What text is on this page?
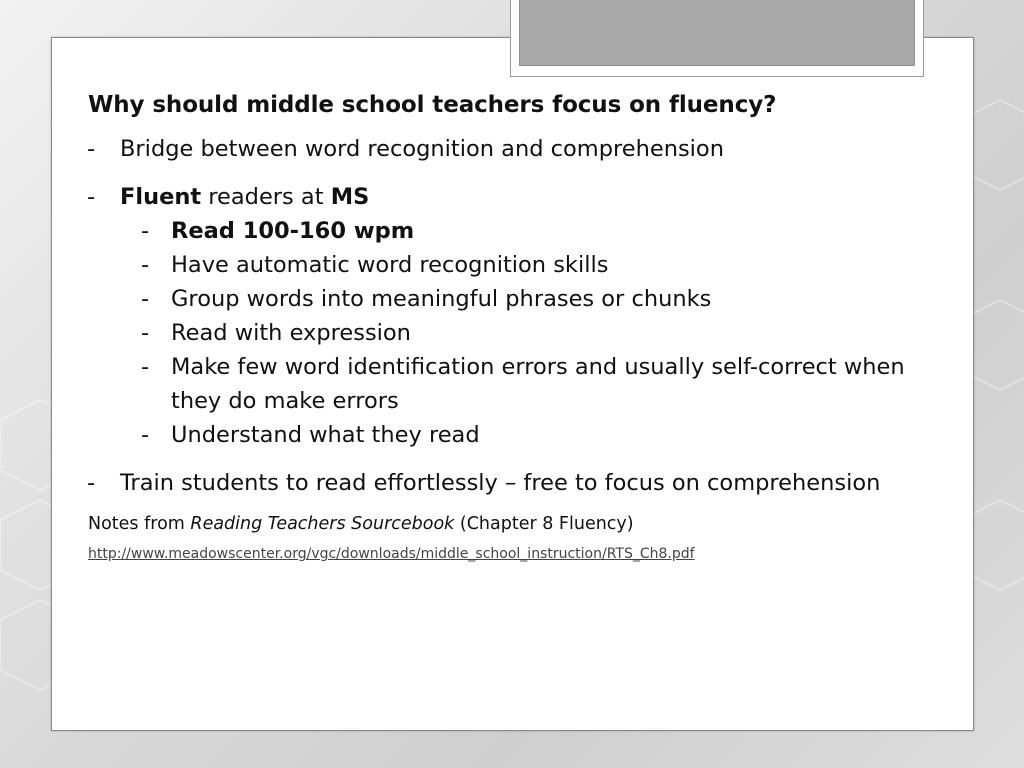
Why should middle school teachers focus on fluency?
- Bridge between word recognition and comprehension
- Fluent readers at MS
- Read 100-160 wpm
- Have automatic word recognition skills
- Group words into meaningful phrases or chunks
- Read with expression
- Make few word identification errors and usually self-correct when they do make errors
- Understand what they read
- Train students to read effortlessly – free to focus on comprehension
Notes from Reading Teachers Sourcebook (Chapter 8 Fluency)
http://www.meadowscenter.org/vgc/downloads/middle_school_instruction/RTS_Ch8.pdf
